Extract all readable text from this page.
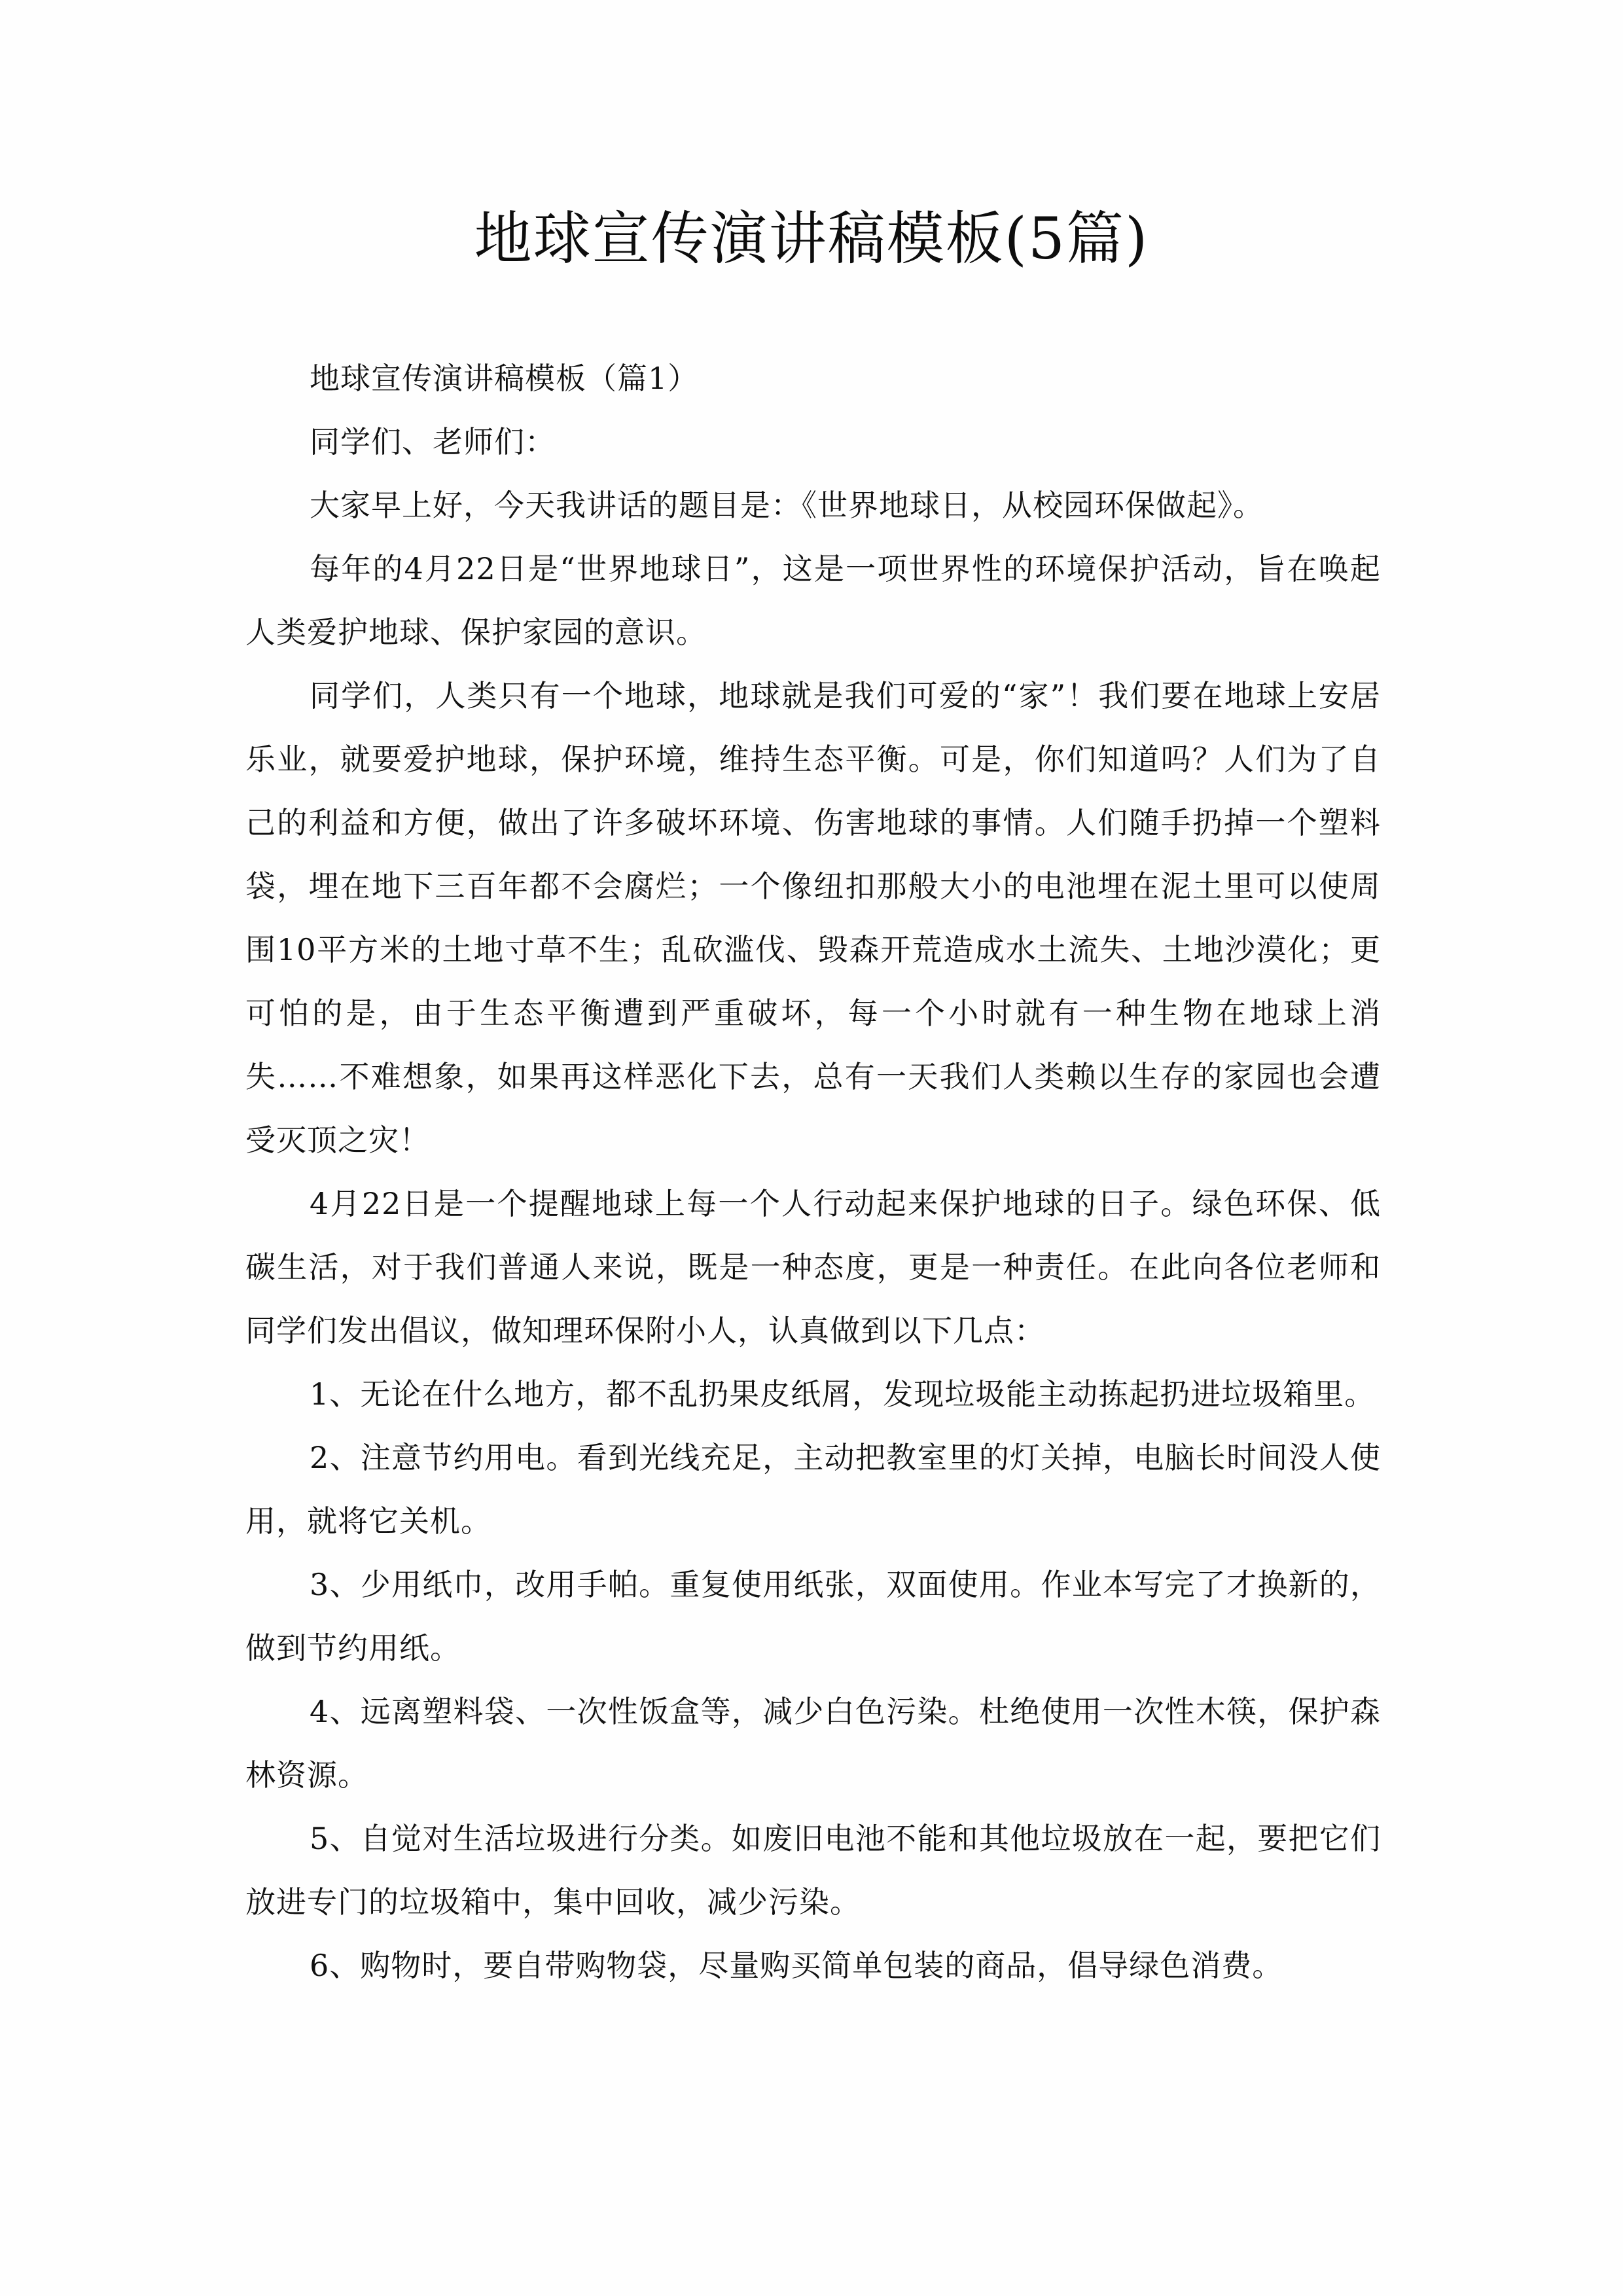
地球宣传演讲稿模板(5篇)

地球宣传演讲稿模板（篇1）

同学们、老师们：

大家早上好，今天我讲话的题目是：《世界地球日，从校园环保做起》。

每年的4月22日是“世界地球日”，这是一项世界性的环境保护活动，旨在唤起人类爱护地球、保护家园的意识。

同学们，人类只有一个地球，地球就是我们可爱的“家”！我们要在地球上安居乐业，就要爱护地球，保护环境，维持生态平衡。可是，你们知道吗？人们为了自己的利益和方便，做出了许多破坏环境、伤害地球的事情。人们随手扔掉一个塑料袋，埋在地下三百年都不会腐烂；一个像纽扣那般大小的电池埋在泥土里可以使周围10平方米的土地寸草不生；乱砍滥伐、毁森开荒造成水土流失、土地沙漠化；更可怕的是，由于生态平衡遭到严重破坏，每一个小时就有一种生物在地球上消失……不难想象，如果再这样恶化下去，总有一天我们人类赖以生存的家园也会遭受灭顶之灾！

4月22日是一个提醒地球上每一个人行动起来保护地球的日子。绿色环保、低碳生活，对于我们普通人来说，既是一种态度，更是一种责任。在此向各位老师和同学们发出倡议，做知理环保附小人，认真做到以下几点：

1、无论在什么地方，都不乱扔果皮纸屑，发现垃圾能主动拣起扔进垃圾箱里。

2、注意节约用电。看到光线充足，主动把教室里的灯关掉，电脑长时间没人使用，就将它关机。

3、少用纸巾，改用手帕。重复使用纸张，双面使用。作业本写完了才换新的，做到节约用纸。

4、远离塑料袋、一次性饭盒等，减少白色污染。杜绝使用一次性木筷，保护森林资源。

5、自觉对生活垃圾进行分类。如废旧电池不能和其他垃圾放在一起，要把它们放进专门的垃圾箱中，集中回收，减少污染。

6、购物时，要自带购物袋，尽量购买简单包装的商品，倡导绿色消费。
